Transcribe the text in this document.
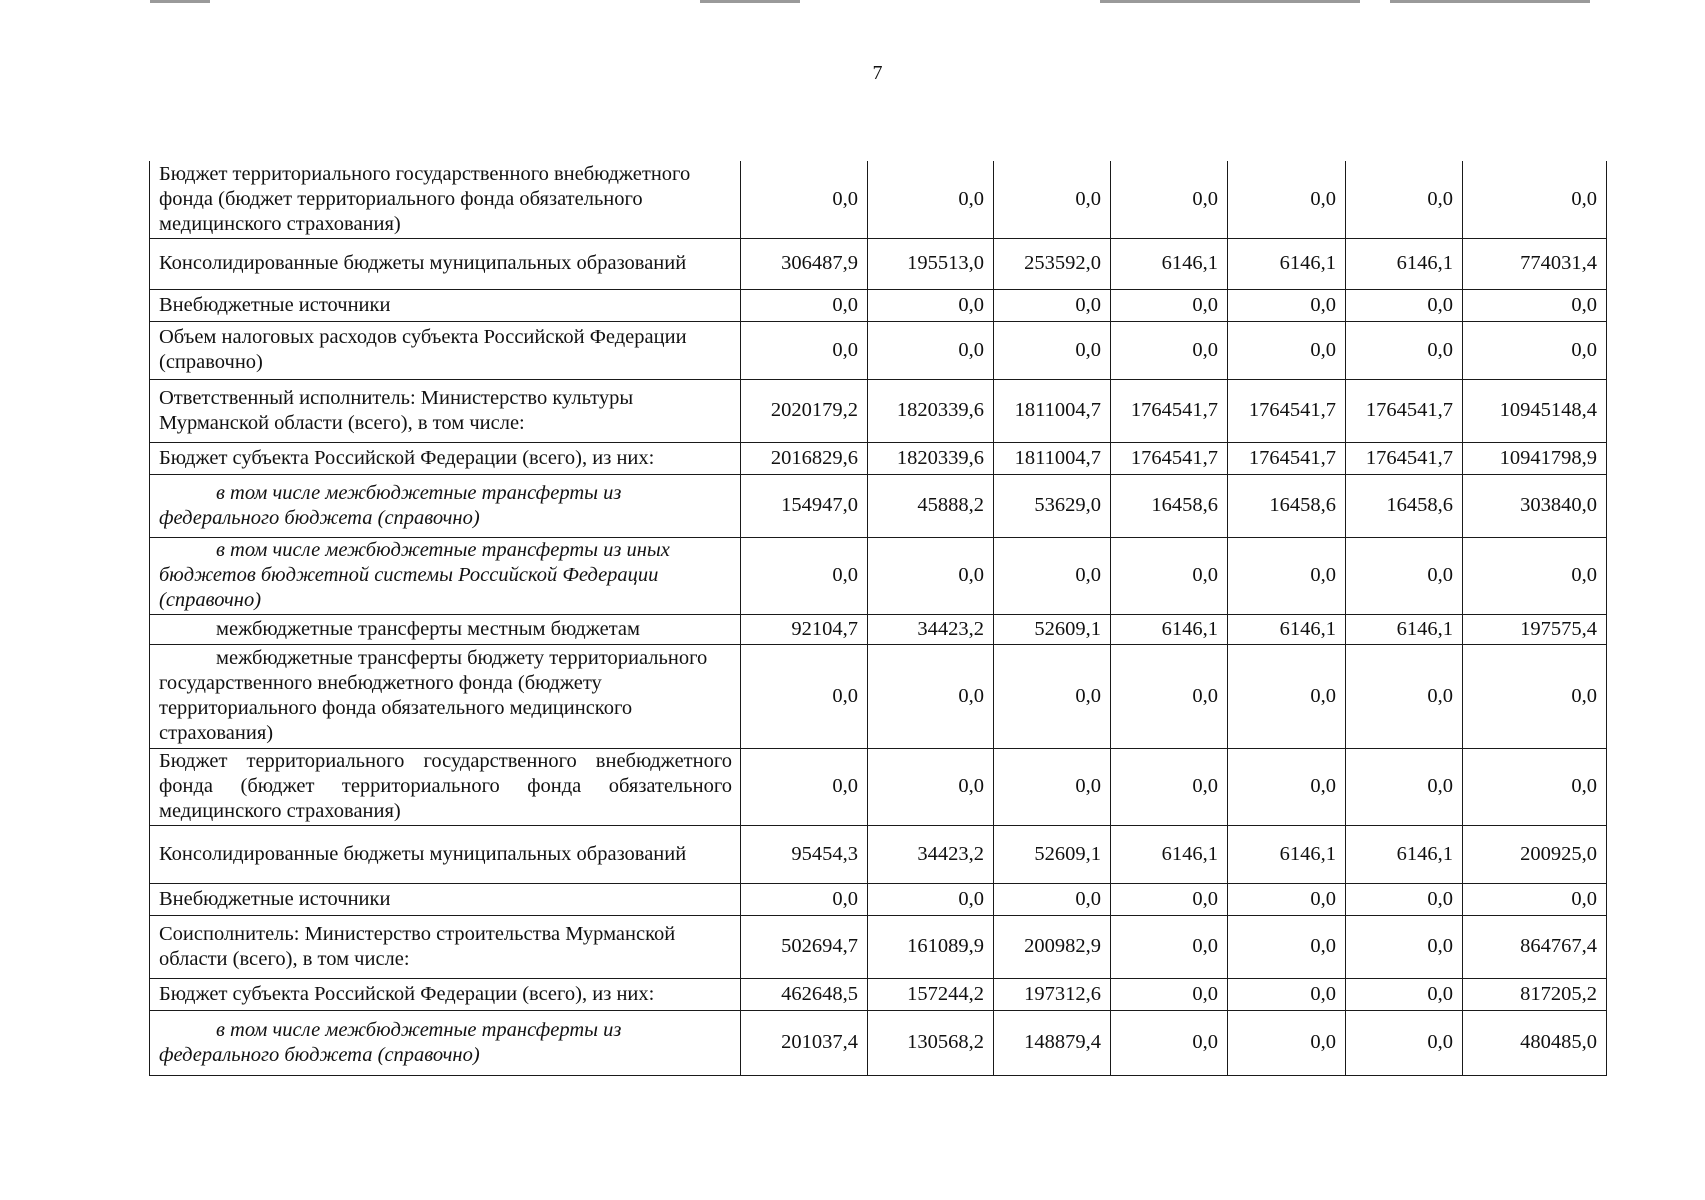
7
Бюджет территориального государственного внебюджетного фонда (бюджет территориального фонда обязательного медицинского страхования)	0,0	0,0	0,0	0,0	0,0	0,0	0,0
Консолидированные бюджеты муниципальных образований	306487,9	195513,0	253592,0	6146,1	6146,1	6146,1	774031,4
Внебюджетные источники	0,0	0,0	0,0	0,0	0,0	0,0	0,0
Объем налоговых расходов субъекта Российской Федерации (справочно)	0,0	0,0	0,0	0,0	0,0	0,0	0,0
Ответственный исполнитель: Министерство культуры Мурманской области (всего), в том числе:	2020179,2	1820339,6	1811004,7	1764541,7	1764541,7	1764541,7	10945148,4
Бюджет субъекта Российской Федерации (всего), из них:	2016829,6	1820339,6	1811004,7	1764541,7	1764541,7	1764541,7	10941798,9
в том числе межбюджетные трансферты из федерального бюджета (справочно)	154947,0	45888,2	53629,0	16458,6	16458,6	16458,6	303840,0
в том числе межбюджетные трансферты из иных бюджетов бюджетной системы Российской Федерации (справочно)	0,0	0,0	0,0	0,0	0,0	0,0	0,0
межбюджетные трансферты местным бюджетам	92104,7	34423,2	52609,1	6146,1	6146,1	6146,1	197575,4
межбюджетные трансферты бюджету территориального государственного внебюджетного фонда (бюджету территориального фонда обязательного медицинского страхования)	0,0	0,0	0,0	0,0	0,0	0,0	0,0
Бюджет территориального государственного внебюджетного фонда (бюджет территориального фонда обязательного медицинского страхования)	0,0	0,0	0,0	0,0	0,0	0,0	0,0
Консолидированные бюджеты муниципальных образований	95454,3	34423,2	52609,1	6146,1	6146,1	6146,1	200925,0
Внебюджетные источники	0,0	0,0	0,0	0,0	0,0	0,0	0,0
Соисполнитель: Министерство строительства Мурманской области (всего), в том числе:	502694,7	161089,9	200982,9	0,0	0,0	0,0	864767,4
Бюджет субъекта Российской Федерации (всего), из них:	462648,5	157244,2	197312,6	0,0	0,0	0,0	817205,2
в том числе межбюджетные трансферты из федерального бюджета (справочно)	201037,4	130568,2	148879,4	0,0	0,0	0,0	480485,0
